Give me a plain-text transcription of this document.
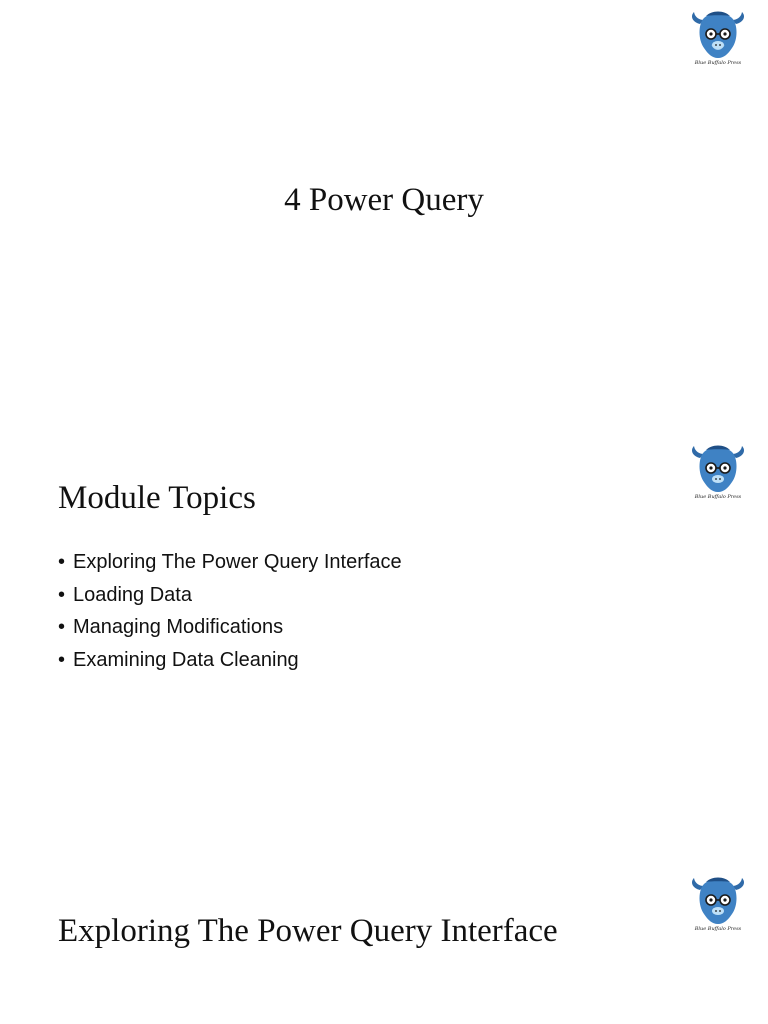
Blue Buffalo Press
4 Power Query
Blue Buffalo Press
Module Topics
• Exploring The Power Query Interface
• Loading Data
• Managing Modifications
• Examining Data Cleaning
Blue Buffalo Press
Exploring The Power Query Interface
